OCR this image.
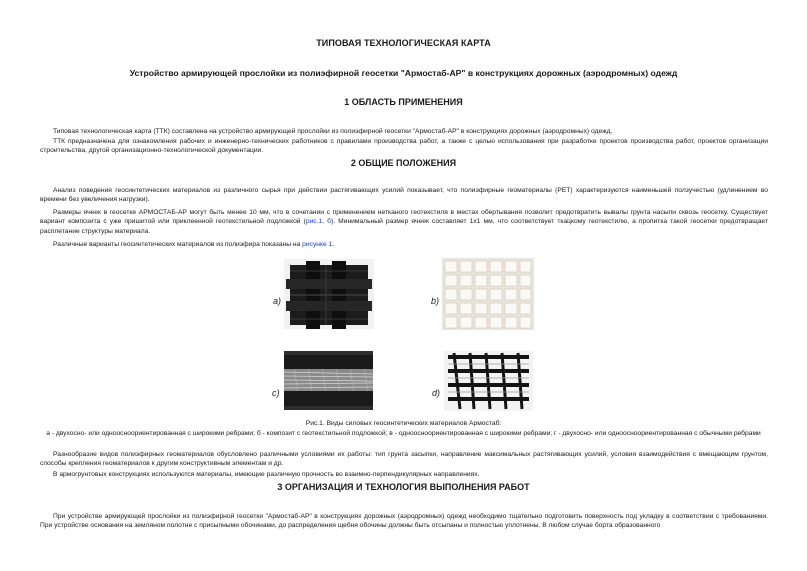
ТИПОВАЯ ТЕХНОЛОГИЧЕСКАЯ КАРТА
Устройство армирующей прослойки из полиэфирной геосетки "Армостаб-АР" в конструкциях дорожных (аэродромных) одежд
1 ОБЛАСТЬ ПРИМЕНЕНИЯ

Типовая технологическая карта (ТТК) составлена на устройство армирующей прослойки из полиэфирной геосетки "Армостаб-АР" в конструкциях дорожных (аэродромных) одежд.

ТТК предназначена для ознакомления рабочих и инженерно-технических работников с правилами производства работ, а также с целью использования при разработке проектов производства работ, проектов организации строительства, другой организационно-технологической документации.

2 ОБЩИЕ ПОЛОЖЕНИЯ

Анализ поведения геосинтетических материалов из различного сырья при действии растягивающих усилий показывает, что полиэфирные геоматериалы (PET) характеризуются наименьшей ползучестью (удлинением во времени без увеличения нагрузки).

Размеры ячеек в геосетке АРМОСТАБ-АР могут быть менее 10 мм, что в сочетании с применением нетканого геотекстиля в местах обертывания позволит предотвратить вывалы грунта насыпи сквозь геосетку. Существует вариант композита с уже пришитой или приклеенной геотекстильной подложкой (рис.1, б). Минимальный размер ячеек составляет 1х1 мм, что соответствует ткацкому геотекстилю, а пропитка такой геосетки предотвращает расплетание структуры материала.

Различные варианты геосинтетических материалов из полиэфира показаны на рисунке 1.

а)	b)
c)	d)

Рис.1. Виды силовых геосинтетических материалов Армостаб:

а - двухосно- или одноосноориентированная с широкими ребрами; б - композит с геотекстильной подложкой; в - одноосноориентированная с широкими ребрами; г - двухосно- или одноосноориентированная с обычными ребрами

Разнообразие видов полиэфирных геоматериалов обусловлено различными условиями их работы: тип грунта засыпки, направление максимальных растягивающих усилий, условия взаимодействия с вмещающим грунтом, способы крепления геоматериалов к другим конструктивным элементам и др.

В армогрунтовых конструкциях используются материалы, имеющие различную прочность во взаимно-перпендикулярных направлениях.

3 ОРГАНИЗАЦИЯ И ТЕХНОЛОГИЯ ВЫПОЛНЕНИЯ РАБОТ

При устройстве армирующей прослойки из полиэфирной геосетки "Армостаб-АР" в конструкциях дорожных (аэродромных) одежд необходимо тщательно подготовить поверхность под укладку в соответствии с требованиями. При устройстве основания на земляном полотне с присыпными обочинами, до распределения щебня обочины должны быть отсыпаны и полностью уплотнены. В любом случае борта образованного
